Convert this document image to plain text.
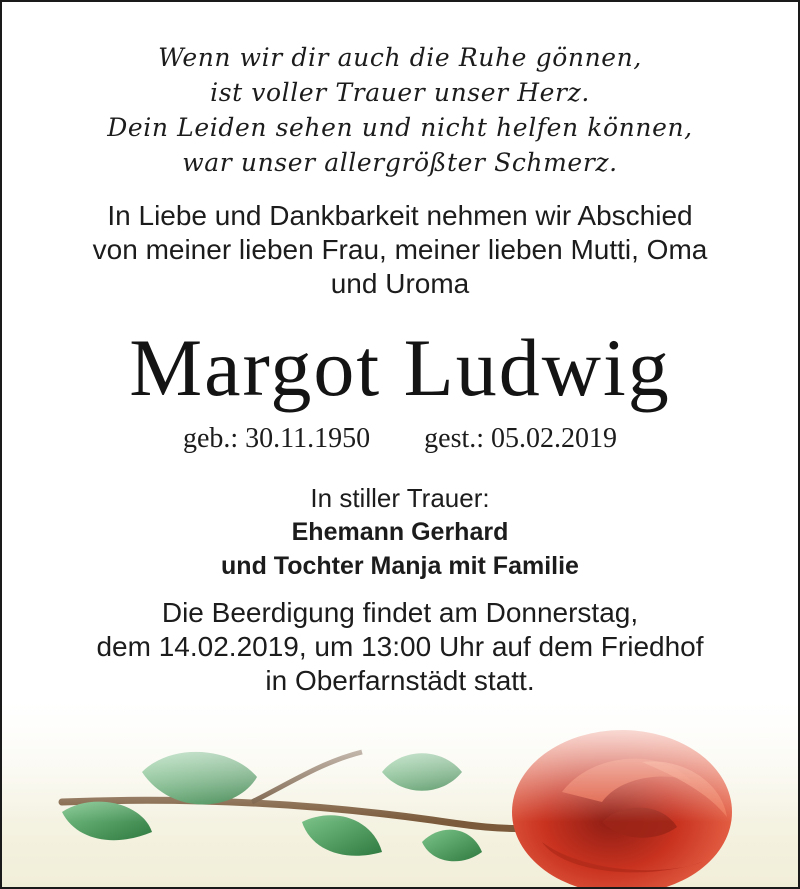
Wenn wir dir auch die Ruhe gönnen,
ist voller Trauer unser Herz.
Dein Leiden sehen und nicht helfen können,
war unser allergrößter Schmerz.
In Liebe und Dankbarkeit nehmen wir Abschied
von meiner lieben Frau, meiner lieben Mutti, Oma
und Uroma
Margot Ludwig
geb.: 30.11.1950 gest.: 05.02.2019
In stiller Trauer:
Ehemann Gerhard
und Tochter Manja mit Familie
Die Beerdigung findet am Donnerstag,
dem 14.02.2019, um 13:00 Uhr auf dem Friedhof
in Oberfarnstädt statt.
